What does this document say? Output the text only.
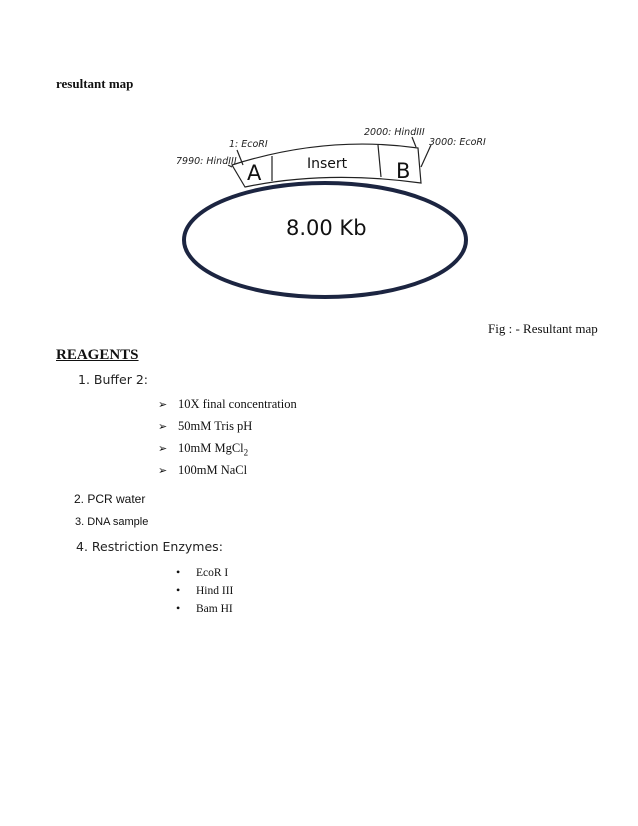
resultant map
1: EcoRI
7990: HindIII
2000: HindIII
3000: EcoRI
A	Insert B
8.00 Kb
Fig : - Resultant map
REAGENTS
1. Buffer 2:
➢ 10X final concentration
➢ 50mM Tris pH
➢ 10mM MgCl$_2$
➢ 100mM NaCl
2. PCR water
3. DNA sample
4. Restriction Enzymes:
• EcoR I
• Hind III
• Bam HI
